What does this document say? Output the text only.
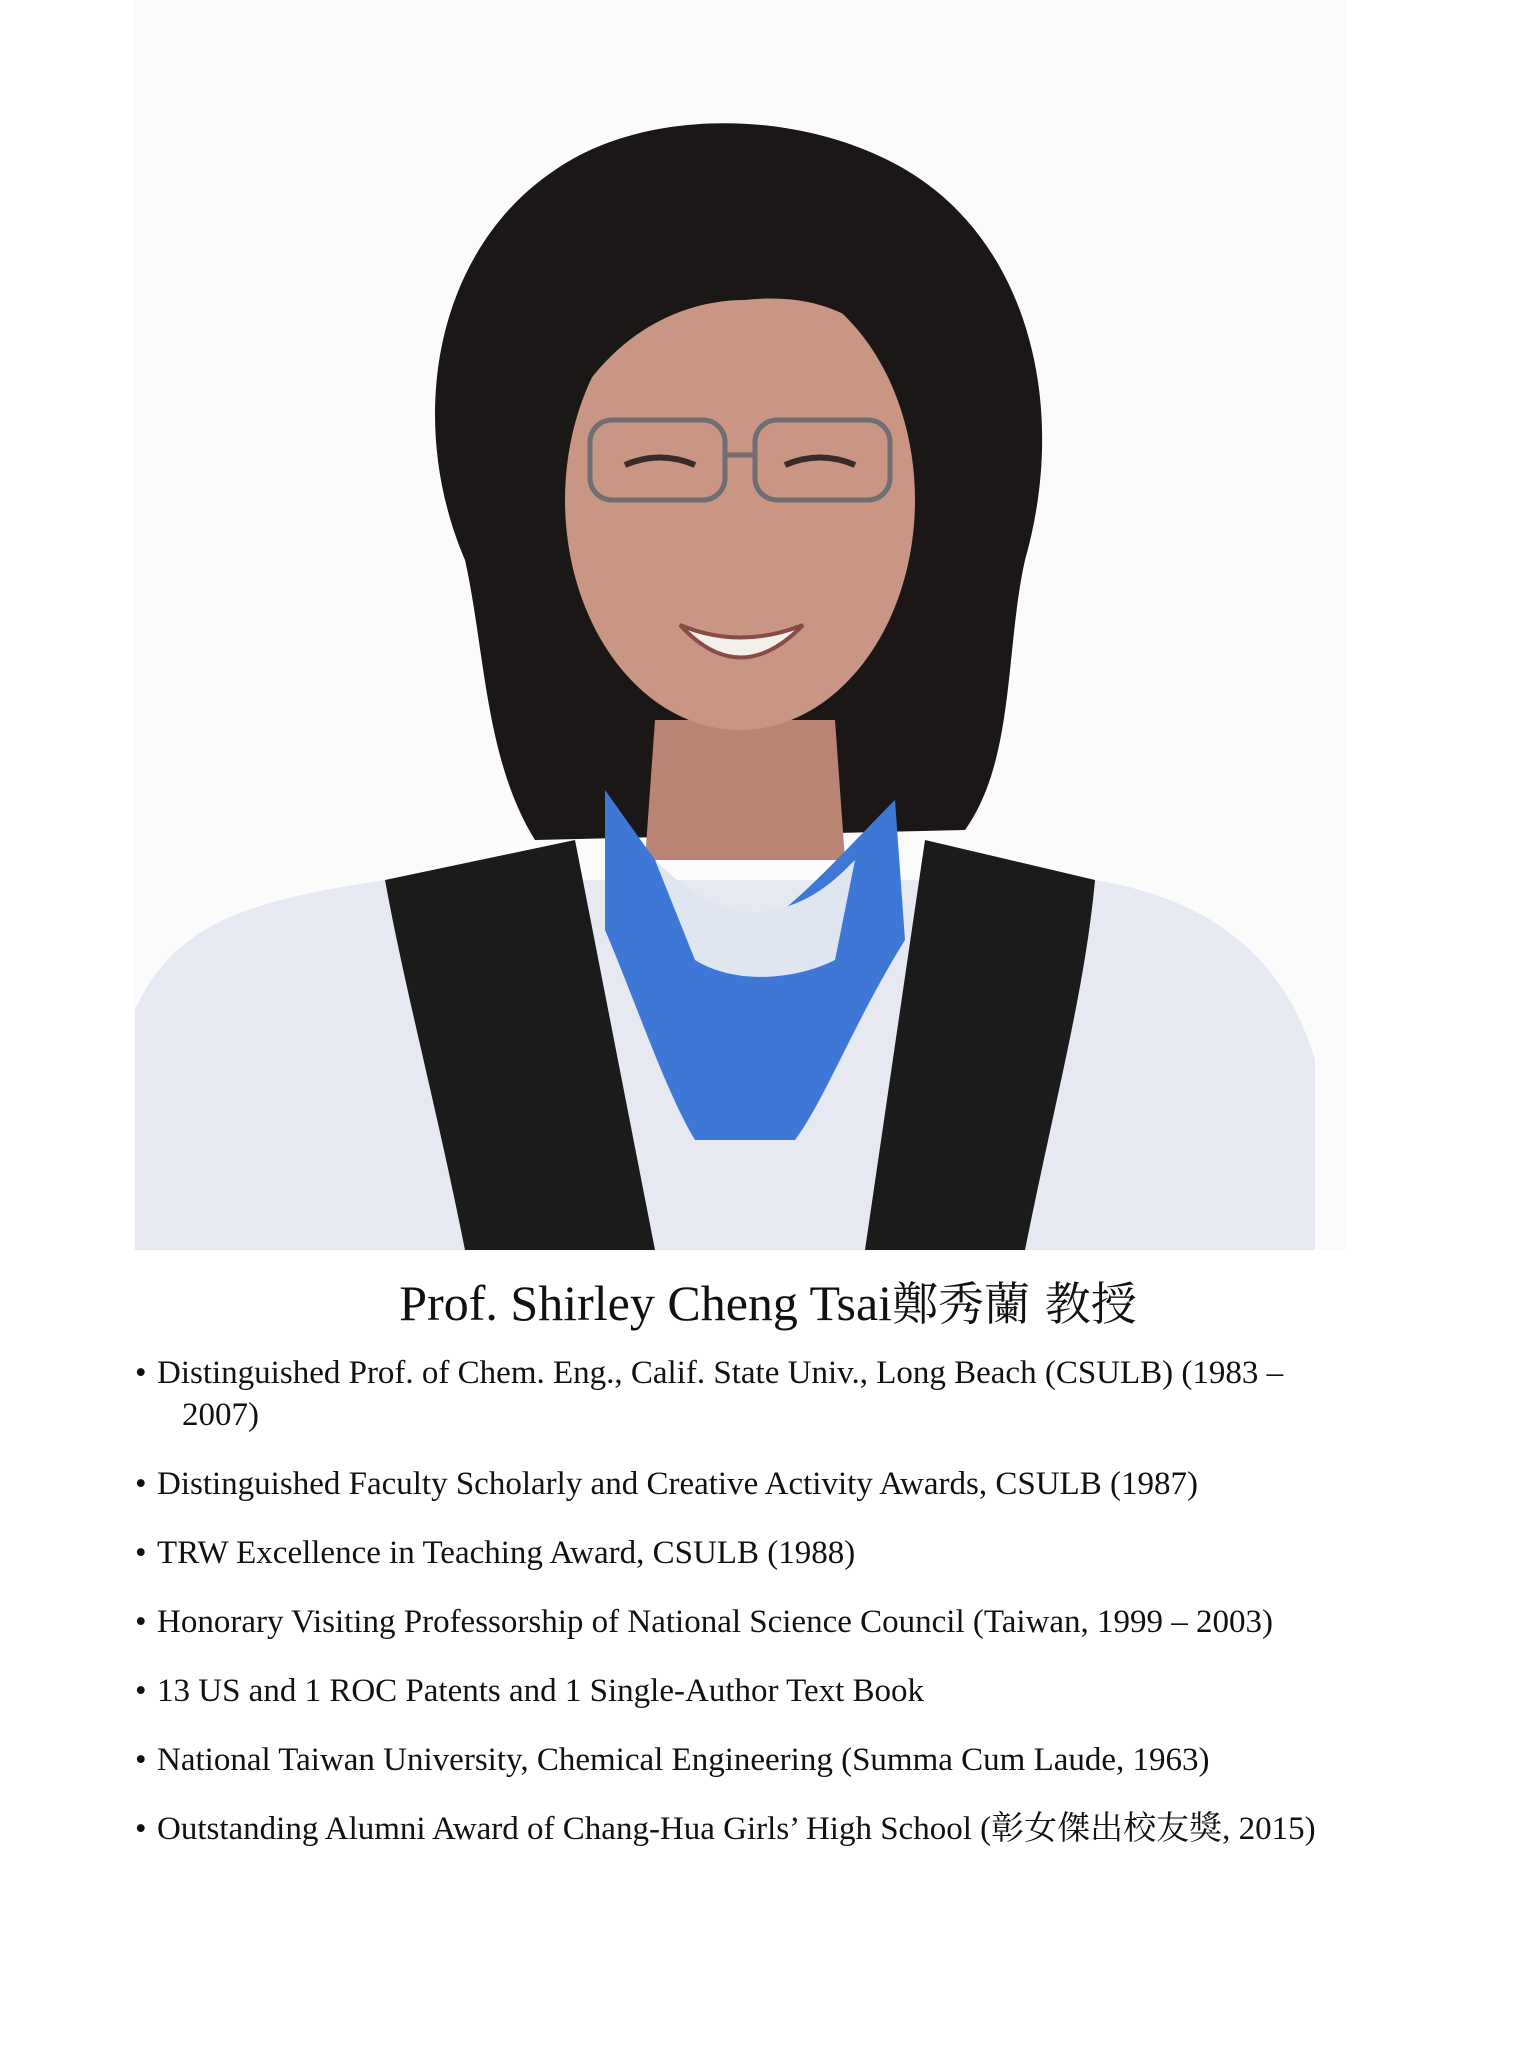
Prof. Shirley Cheng Tsai鄭秀蘭 教授
• Distinguished Prof. of Chem. Eng., Calif. State Univ., Long Beach (CSULB) (1983 –
2007)
• Distinguished Faculty Scholarly and Creative Activity Awards, CSULB (1987)
• TRW Excellence in Teaching Award, CSULB (1988)
• Honorary Visiting Professorship of National Science Council (Taiwan, 1999 – 2003)
• 13 US and 1 ROC Patents and 1 Single-Author Text Book
• National Taiwan University, Chemical Engineering (Summa Cum Laude, 1963)
• Outstanding Alumni Award of Chang-Hua Girls’ High School (彰女傑出校友獎, 2015)
